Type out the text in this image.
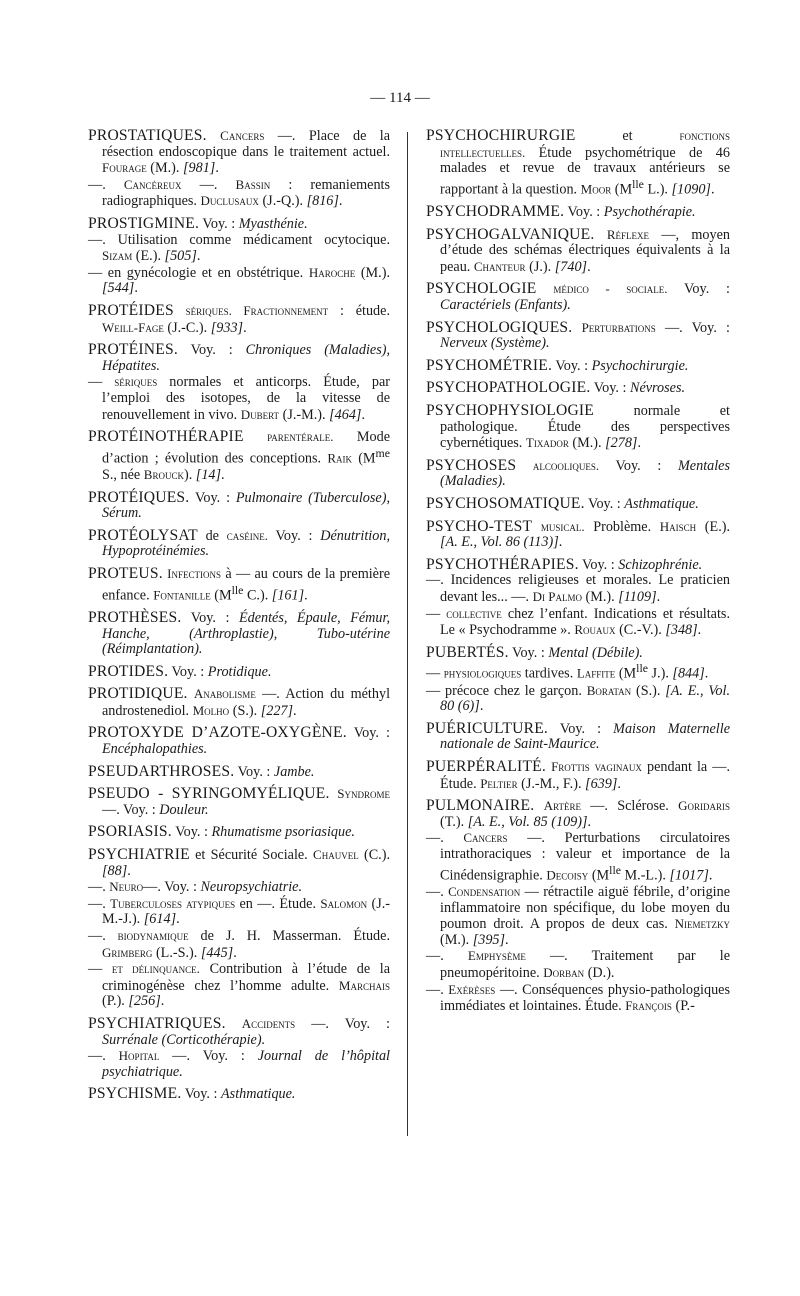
— 114 —

PROSTATIQUES. Cancers —. Place de la résection endoscopique dans le traitement actuel. Fourage (M.). [981].

—. Cancéreux —. Bassin : remaniements radiographiques. Duclusaux (J.-Q.). [816].

PROSTIGMINE. Voy. : Myasthénie.

—. Utilisation comme médicament ocytocique. Sizam (E.). [505].

— en gynécologie et en obstétrique. Haroche (M.). [544].

PROTÉIDES sériques. Fractionnement : étude. Weill-Fage (J.-C.). [933].

PROTÉINES. Voy. : Chroniques (Maladies), Hépatites.

— sériques normales et anticorps. Étude, par l’emploi des isotopes, de la vitesse de renouvellement in vivo. Dubert (J.-M.). [464].

PROTÉINOTHÉRAPIE parentérale. Mode d’action ; évolution des conceptions. Raik ($M^{me}$ S., née Brouck). [14].

PROTÉIQUES. Voy. : Pulmonaire (Tuberculose), Sérum.

PROTÉOLYSAT de caséine. Voy. : Dénutrition, Hypoprotéinémies.

PROTEUS. Infections à — au cours de la première enfance. Fontanille ($M^{lle}$ C.). [161].

PROTHÈSES. Voy. : Édentés, Épaule, Fémur, Hanche, (Arthroplastie), Tubo-utérine (Réimplantation).

PROTIDES. Voy. : Protidique.

PROTIDIQUE. Anabolisme —. Action du méthyl androstenediol. Molho (S.). [227].

PROTOXYDE D’AZOTE-OXYGÈNE. Voy. : Encéphalopathies.

PSEUDARTHROSES. Voy. : Jambe.

PSEUDO - SYRINGOMYÉLIQUE. Syndrome —. Voy. : Douleur.

PSORIASIS. Voy. : Rhumatisme psoriasique.

PSYCHIATRIE et Sécurité Sociale. Chauvel (C.). [88].

—. Neuro—. Voy. : Neuropsychiatrie.

—. Tuberculoses atypiques en —. Étude. Salomon (J.-M.-J.). [614].

—. biodynamique de J. H. Masserman. Étude. Grimberg (L.-S.). [445].

— et délinquance. Contribution à l’étude de la criminogénèse chez l’homme adulte. Marchais (P.). [256].

PSYCHIATRIQUES. Accidents —. Voy. : Surrénale (Corticothérapie).

—. Hopital —. Voy. : Journal de l’hôpital psychiatrique.

PSYCHISME. Voy. : Asthmatique.

PSYCHOCHIRURGIE et fonctions intellectuelles. Étude psychométrique de 46 malades et revue de travaux antérieurs se rapportant à la question. Moor ($M^{lle}$ L.). [1090].

PSYCHODRAMME. Voy. : Psychothérapie.

PSYCHOGALVANIQUE. Réflexe —, moyen d’étude des schémas électriques équivalents à la peau. Chanteur (J.). [740].

PSYCHOLOGIE médico - sociale. Voy. : Caractériels (Enfants).

PSYCHOLOGIQUES. Perturbations —. Voy. : Nerveux (Système).

PSYCHOMÉTRIE. Voy. : Psychochirurgie.

PSYCHOPATHOLOGIE. Voy. : Névroses.

PSYCHOPHYSIOLOGIE normale et pathologique. Étude des perspectives cybernétiques. Tixador (M.). [278].

PSYCHOSES alcooliques. Voy. : Mentales (Maladies).

PSYCHOSOMATIQUE. Voy. : Asthmatique.

PSYCHO-TEST musical. Problème. Haisch (E.). [A. E., Vol. 86 (113)].

PSYCHOTHÉRAPIES. Voy. : Schizophrénie.

—. Incidences religieuses et morales. Le praticien devant les... —. Di Palmo (M.). [1109].

— collective chez l’enfant. Indications et résultats. Le « Psychodramme ». Rouaux (C.-V.). [348].

PUBERTÉS. Voy. : Mental (Débile).

— physiologiques tardives. Laffite ($M^{lle}$ J.). [844].

— précoce chez le garçon. Boratan (S.). [A. E., Vol. 80 (6)].

PUÉRICULTURE. Voy. : Maison Maternelle nationale de Saint-Maurice.

PUERPÉRALITÉ. Frottis vaginaux pendant la —. Étude. Peltier (J.-M., F.). [639].

PULMONAIRE. Artère —. Sclérose. Goridaris (T.). [A. E., Vol. 85 (109)].

—. Cancers —. Perturbations circulatoires intrathoraciques : valeur et importance de la Cinédensigraphie. Decoisy ($M^{lle}$ M.-L.). [1017].

—. Condensation — rétractile aiguë fébrile, d’origine inflammatoire non spécifique, du lobe moyen du poumon droit. A propos de deux cas. Niemetzky (M.). [395].

—. Emphysème —. Traitement par le pneumopéritoine. Dorban (D.).

—. Exérèses —. Conséquences physio-pathologiques immédiates et lointaines. Étude. François (P.-
